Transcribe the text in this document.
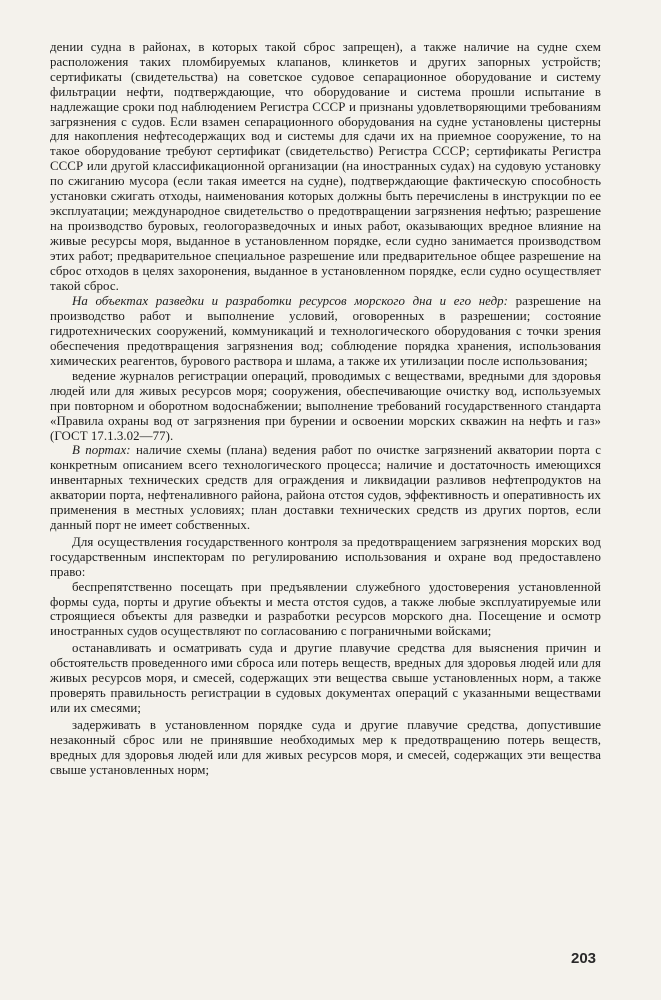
дении судна в районах, в которых такой сброс запрещен), а также наличие на судне схем расположения таких пломбируемых клапанов, клинкетов и других запорных устройств; сертификаты (свидетельства) на советское судовое сепарационное оборудование и систему фильтрации нефти, подтверждающие, что оборудование и система прошли испытание в надлежащие сроки под наблюдением Регистра СССР и признаны удовлетворяющими требованиям загрязнения с судов. Если взамен сепарационного оборудования на судне установлены цистерны для накопления нефтесодержащих вод и системы для сдачи их на приемное сооружение, то на такое оборудование требуют сертификат (свидетельство) Регистра СССР; сертификаты Регистра СССР или другой классификационной организации (на иностранных судах) на судовую установку по сжиганию мусора (если такая имеется на судне), подтверждающие фактическую способность установки сжигать отходы, наименования которых должны быть перечислены в инструкции по ее эксплуатации; международное свидетельство о предотвращении загрязнения нефтью; разрешение на производство буровых, геологоразведочных и иных работ, оказывающих вредное влияние на живые ресурсы моря, выданное в установленном порядке, если судно занимается производством этих работ; предварительное специальное разрешение или предварительное общее разрешение на сброс отходов в целях захоронения, выданное в установленном порядке, если судно осуществляет такой сброс.

На объектах разведки и разработки ресурсов морского дна и его недр: разрешение на производство работ и выполнение условий, оговоренных в разрешении; состояние гидротехнических сооружений, коммуникаций и технологического оборудования с точки зрения обеспечения предотвращения загрязнения вод; соблюдение порядка хранения, использования химических реагентов, бурового раствора и шлама, а также их утилизации после использования;

ведение журналов регистрации операций, проводимых с веществами, вредными для здоровья людей или для живых ресурсов моря; сооружения, обеспечивающие очистку вод, используемых при повторном и оборотном водоснабжении; выполнение требований государственного стандарта «Правила охраны вод от загрязнения при бурении и освоении морских скважин на нефть и газ» (ГОСТ 17.1.3.02—77).

В портах: наличие схемы (плана) ведения работ по очистке загрязнений акватории порта с конкретным описанием всего технологического процесса; наличие и достаточность имеющихся инвентарных технических средств для ограждения и ликвидации разливов нефтепродуктов на акватории порта, нефтеналивного района, района отстоя судов, эффективность и оперативность их применения в местных условиях; план доставки технических средств из других портов, если данный порт не имеет собственных.

Для осуществления государственного контроля за предотвращением загрязнения морских вод государственным инспекторам по регулированию использования и охране вод предоставлено право:

беспрепятственно посещать при предъявлении служебного удостоверения установленной формы суда, порты и другие объекты и места отстоя судов, а также любые эксплуатируемые или строящиеся объекты для разведки и разработки ресурсов морского дна. Посещение и осмотр иностранных судов осуществляют по согласованию с пограничными войсками;

останавливать и осматривать суда и другие плавучие средства для выяснения причин и обстоятельств проведенного ими сброса или потерь веществ, вредных для здоровья людей или для живых ресурсов моря, и смесей, содержащих эти вещества свыше установленных норм, а также проверять правильность регистрации в судовых документах операций с указанными веществами или их смесями;

задерживать в установленном порядке суда и другие плавучие средства, допустившие незаконный сброс или не принявшие необходимых мер к предотвращению потерь веществ, вредных для здоровья людей или для живых ресурсов моря, и смесей, содержащих эти вещества свыше установленных норм;

203
